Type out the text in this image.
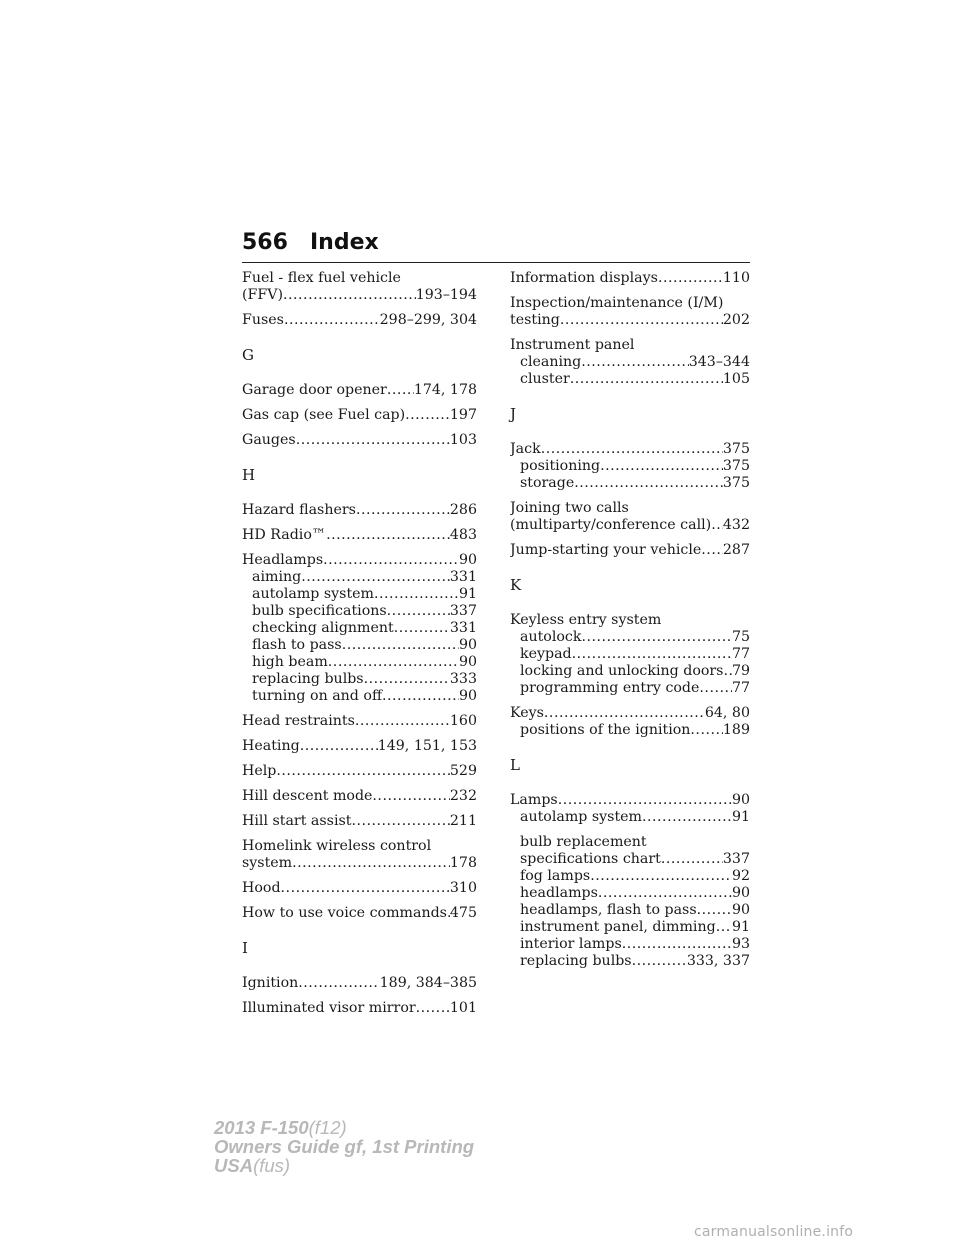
566 Index
Fuel - flex fuel vehicle
(FFV) .....	193–194
Fuses .....	298–299, 304
G
Garage door opener ..... 174, 178
Gas cap (see Fuel cap) .....	197
Gauges .....	103
H
Hazard flashers .....	286
HD Radio™ .....	483
Headlamps .....	90
aiming .....	331
autolamp system .....	91
bulb specifications .....	337
checking alignment .....	331
flash to pass .....	90
high beam .....	90
replacing bulbs .....	333
turning on and off .....	90
Head restraints .....	160
Heating .....	149, 151, 153
Help .....	529
Hill descent mode .....	232
Hill start assist .....	211
Homelink wireless control
system .....	178
Hood .....	310
How to use voice commands ..... 475
I
Ignition .....	189, 384–385
Illuminated visor mirror ..... 101
Information displays .....	110
Inspection/maintenance (I/M)
testing .....	202
Instrument panel
cleaning .....	343–344
cluster .....	105
J
Jack .....	375
positioning .....	375
storage .....	375
Joining two calls
(multiparty/conference call) ..... 432
Jump-starting your vehicle ..... 287
K
Keyless entry system
autolock .....	75
keypad .....	77
locking and unlocking doors ..... 79
programming entry code ..... 77
Keys .....	64, 80
positions of the ignition ..... 189
L
Lamps .....	90
autolamp system .....	91
bulb replacement
specifications chart .....	337
fog lamps .....	92
headlamps .....	90
headlamps, flash to pass ..... 90
instrument panel, dimming ..... 91
interior lamps .....	93
replacing bulbs .....	333, 337
2013 F-150(f12)
Owners Guide gf, 1st Printing
USA(fus)
carmanualsonline.info
